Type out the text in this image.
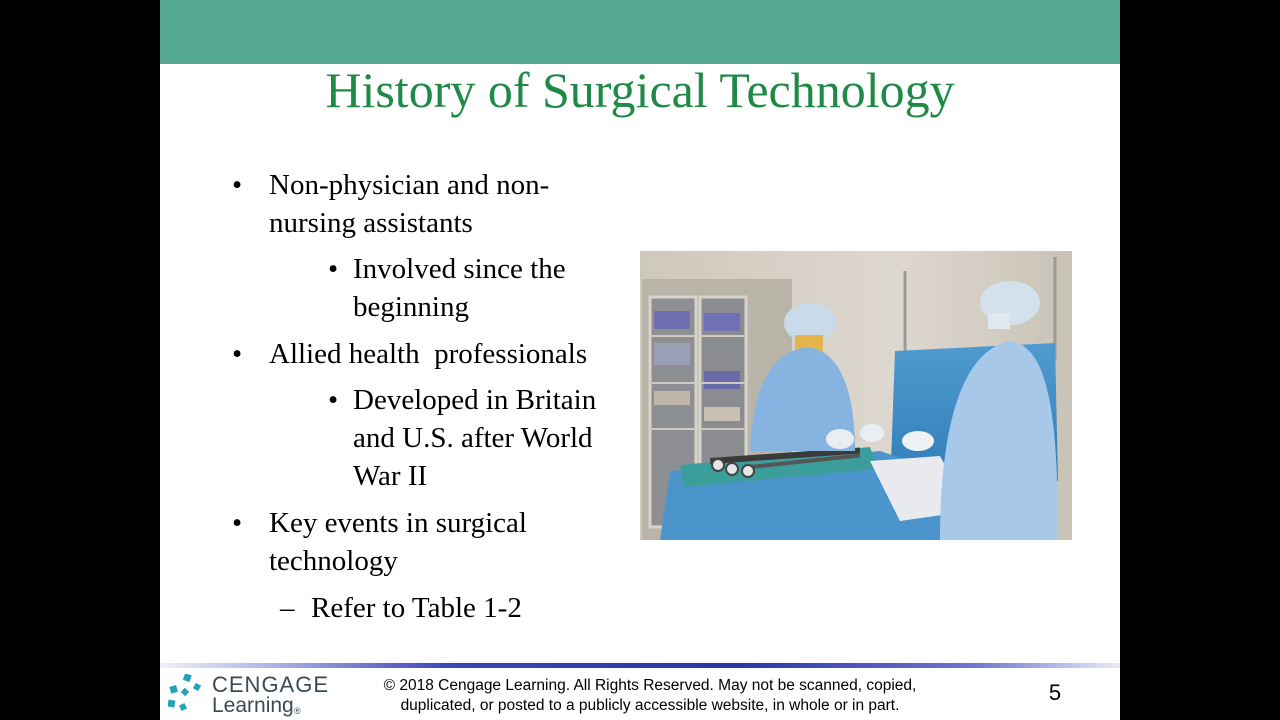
History of Surgical Technology
• Non-physician and non-
nursing assistants
• Involved since the
beginning
• Allied health  professionals
• Developed in Britain
and U.S. after World
War II
• Key events in surgical
technology
– Refer to Table 1-2
CENGAGE
Learning ®
© 2018 Cengage Learning. All Rights Reserved. May not be scanned, copied,
duplicated, or posted to a publicly accessible website, in whole or in part.
5
